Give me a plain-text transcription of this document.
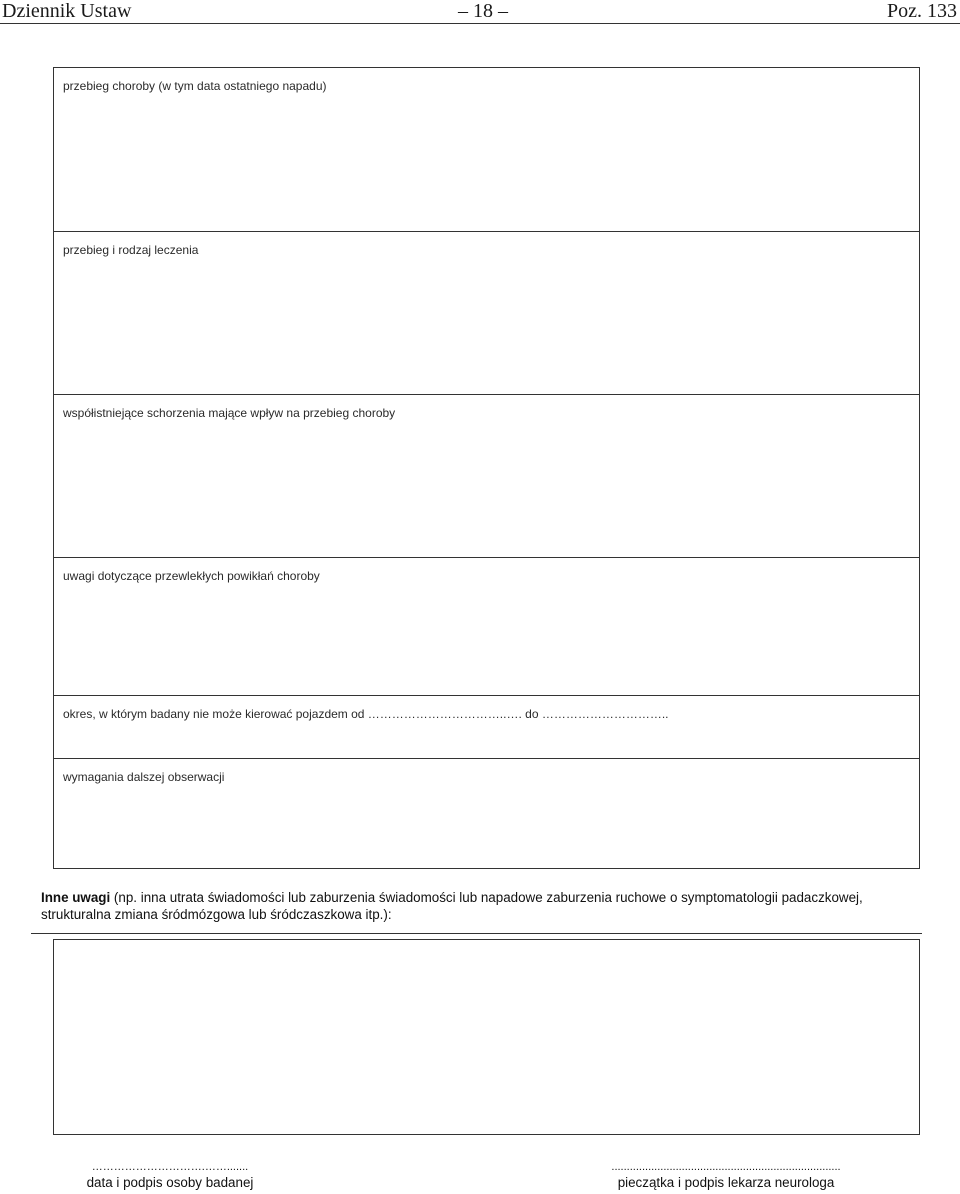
Dziennik Ustaw	– 18 –	Poz. 133
przebieg choroby (w tym data ostatniego napadu)
przebieg i rodzaj leczenia
współistniejące schorzenia mające wpływ na przebieg choroby
uwagi dotyczące przewlekłych powikłań choroby
okres, w którym badany nie może kierować pojazdem od ……………………………..…. do …………………………..
wymagania dalszej obserwacji
Inne uwagi (np. inna utrata świadomości lub zaburzenia świadomości lub napadowe zaburzenia ruchowe o symptomatologii padaczkowej, strukturalna zmiana śródmózgowa lub śródczaszkowa itp.):
………………………….…….......
data i podpis osoby badanej
...........................................................................
pieczątka i podpis lekarza neurologa
